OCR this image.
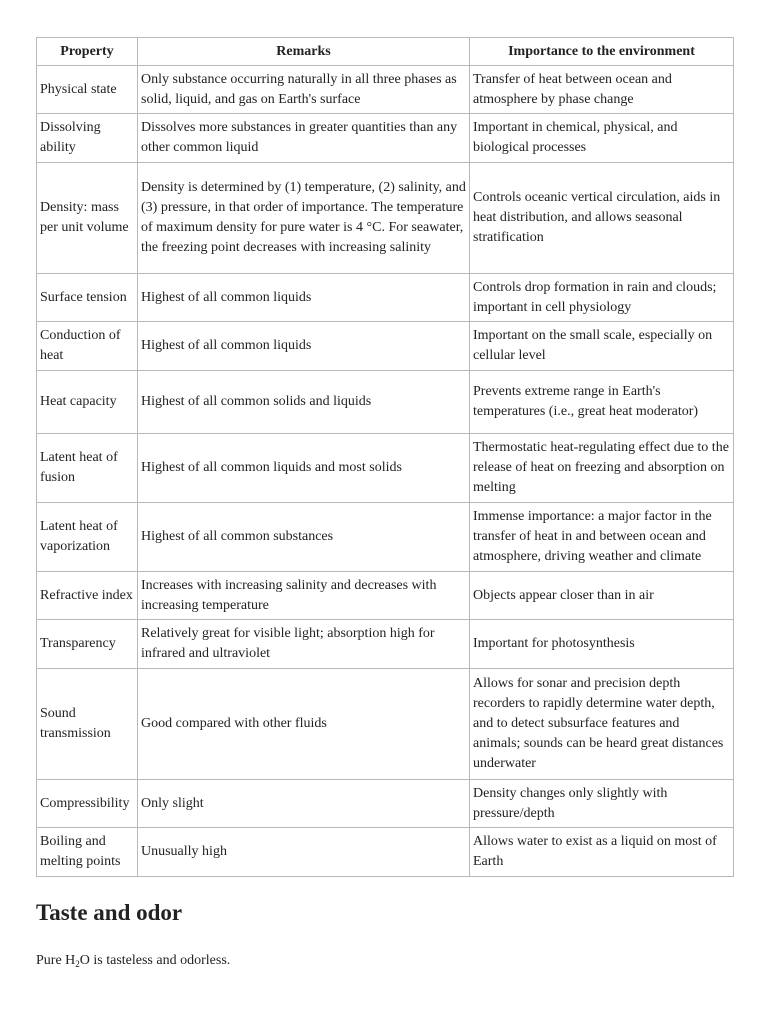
Property	Remarks	Importance to the environment
Physical state	Only substance occurring naturally in all three phases as solid, liquid, and gas on Earth's surface	Transfer of heat between ocean and atmosphere by phase change
Dissolving ability	Dissolves more substances in greater quantities than any other common liquid	Important in chemical, physical, and biological processes
Density: mass per unit volume	Density is determined by (1) temperature, (2) salinity, and (3) pressure, in that order of importance. The temperature of maximum density for pure water is 4 °C. For seawater, the freezing point decreases with increasing salinity	Controls oceanic vertical circulation, aids in heat distribution, and allows seasonal stratification
Surface tension	Highest of all common liquids	Controls drop formation in rain and clouds; important in cell physiology
Conduction of heat	Highest of all common liquids	Important on the small scale, especially on cellular level
Heat capacity	Highest of all common solids and liquids	Prevents extreme range in Earth's temperatures (i.e., great heat moderator)
Latent heat of fusion	Highest of all common liquids and most solids	Thermostatic heat-regulating effect due to the release of heat on freezing and absorption on melting
Latent heat of vaporization	Highest of all common substances	Immense importance: a major factor in the transfer of heat in and between ocean and atmosphere, driving weather and climate
Refractive index	Increases with increasing salinity and decreases with increasing temperature	Objects appear closer than in air
Transparency	Relatively great for visible light; absorption high for infrared and ultraviolet	Important for photosynthesis
Sound transmission	Good compared with other fluids	Allows for sonar and precision depth recorders to rapidly determine water depth, and to detect subsurface features and animals; sounds can be heard great distances underwater
Compressibility	Only slight	Density changes only slightly with pressure/depth
Boiling and melting points	Unusually high	Allows water to exist as a liquid on most of Earth
Taste and odor

Pure $H_2O$ is tasteless and odorless.
